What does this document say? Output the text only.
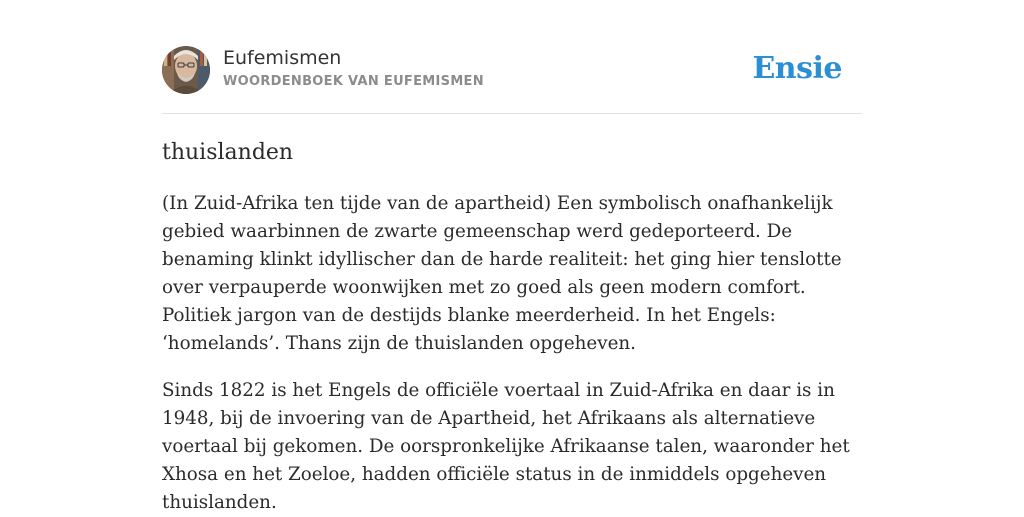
Eufemismen
WOORDENBOEK VAN EUFEMISMEN	Ensie
thuislanden

(In Zuid-Afrika ten tijde van de apartheid) Een symbolisch onafhankelijk gebied waarbinnen de zwarte gemeenschap werd gedeporteerd. De benaming klinkt idyllischer dan de harde realiteit: het ging hier tenslotte over verpauperde woonwijken met zo goed als geen modern comfort. Politiek jargon van de destijds blanke meerderheid. In het Engels: ‘homelands’. Thans zijn de thuislanden opgeheven.

Sinds 1822 is het Engels de officiële voertaal in Zuid-Afrika en daar is in 1948, bij de invoering van de Apartheid, het Afrikaans als alternatieve voertaal bij gekomen. De oorspronkelijke Afrikaanse talen, waaronder het Xhosa en het Zoeloe, hadden officiële status in de inmiddels opgeheven thuislanden.
